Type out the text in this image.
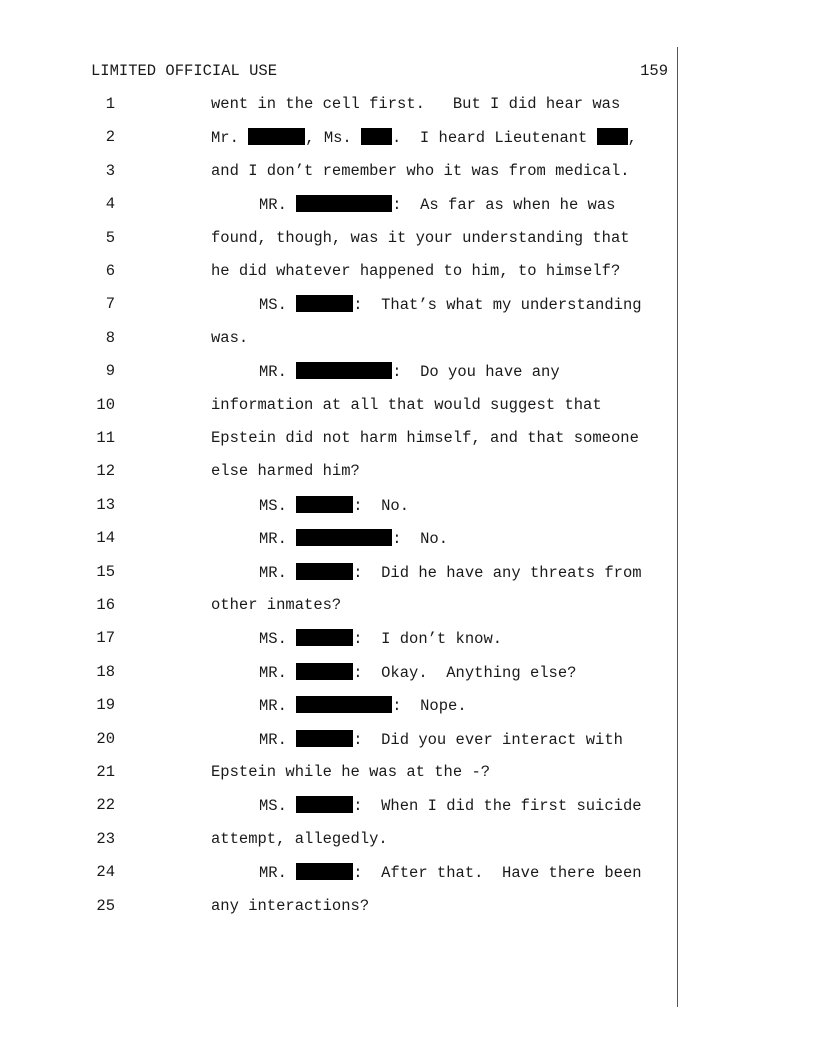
LIMITED OFFICIAL USE	159
1	went in the cell first.   But I did hear was
2	Mr.	, Ms. .  I heard Lieutenant ,
3	and I don’t remember who it was from medical.
4	MR.	:  As far as when he was
5	found, though, was it your understanding that
6	he did whatever happened to him, to himself?
7	MS.	:  That’s what my understanding
8	was.
9	MR.	:  Do you have any
10	information at all that would suggest that
11	Epstein did not harm himself, and that someone
12	else harmed him?
13	MS.	:  No.
14	MR.	:  No.
15	MR.	:  Did he have any threats from
16	other inmates?
17	MS.	:  I don’t know.
18	MR.	:  Okay.  Anything else?
19	MR.	:  Nope.
20	MR.	:  Did you ever interact with
21	Epstein while he was at the -?
22	MS.	:  When I did the first suicide
23	attempt, allegedly.
24	MR.	:  After that.  Have there been
25	any interactions?
